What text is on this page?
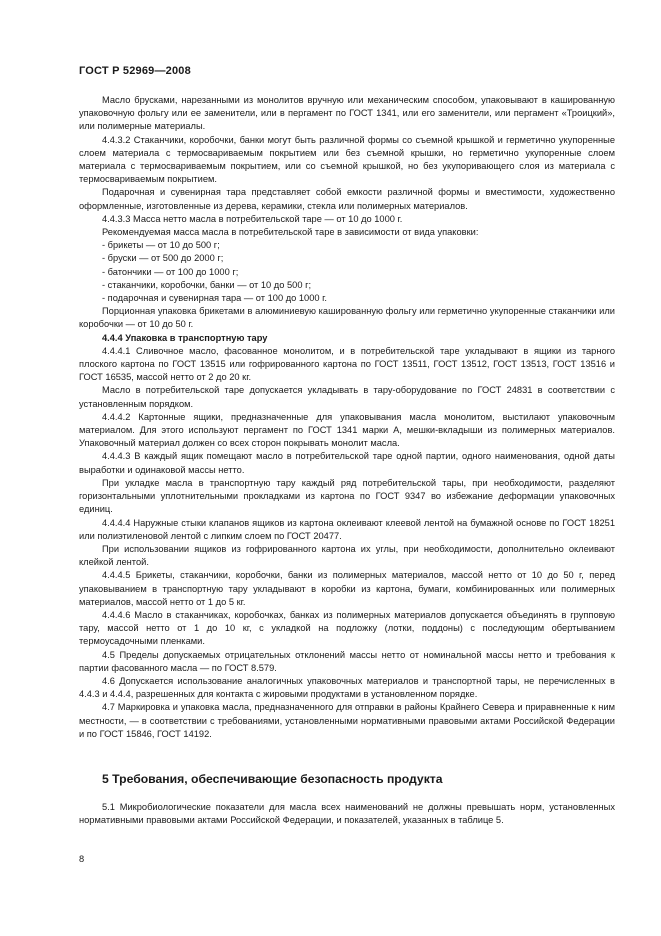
ГОСТ Р 52969—2008

Масло брусками, нарезанными из монолитов вручную или механическим способом, упаковывают в кашированную упаковочную фольгу или ее заменители, или в пергамент по ГОСТ 1341, или его заменители, или пергамент «Троицкий», или полимерные материалы.

4.4.3.2 Стаканчики, коробочки, банки могут быть различной формы со съемной крышкой и герметично укупоренные слоем материала с термосвариваемым покрытием или без съемной крышки, но герметично укупоренные слоем материала с термосвариваемым покрытием, или со съемной крышкой, но без укупоривающего слоя из материала с термосвариваемым покрытием.

Подарочная и сувенирная тара представляет собой емкости различной формы и вместимости, художественно оформленные, изготовленные из дерева, керамики, стекла или полимерных материалов.

4.4.3.3 Масса нетто масла в потребительской таре — от 10 до 1000 г.

Рекомендуемая масса масла в потребительской таре в зависимости от вида упаковки:

- брикеты — от 10 до 500 г;

- бруски — от 500 до 2000 г;

- батончики — от 100 до 1000 г;

- стаканчики, коробочки, банки — от 10 до 500 г;

- подарочная и сувенирная тара — от 100 до 1000 г.

Порционная упаковка брикетами в алюминиевую кашированную фольгу или герметично укупоренные стаканчики или коробочки — от 10 до 50 г.

4.4.4 Упаковка в транспортную тару

4.4.4.1 Сливочное масло, фасованное монолитом, и в потребительской таре укладывают в ящики из тарного плоского картона по ГОСТ 13515 или гофрированного картона по ГОСТ 13511, ГОСТ 13512, ГОСТ 13513, ГОСТ 13516 и ГОСТ 16535, массой нетто от 2 до 20 кг.

Масло в потребительской таре допускается укладывать в тару-оборудование по ГОСТ 24831 в соответствии с установленным порядком.

4.4.4.2 Картонные ящики, предназначенные для упаковывания масла монолитом, выстилают упаковочным материалом. Для этого используют пергамент по ГОСТ 1341 марки А, мешки-вкладыши из полимерных материалов. Упаковочный материал должен со всех сторон покрывать монолит масла.

4.4.4.3 В каждый ящик помещают масло в потребительской таре одной партии, одного наименования, одной даты выработки и одинаковой массы нетто.

При укладке масла в транспортную тару каждый ряд потребительской тары, при необходимости, разделяют горизонтальными уплотнительными прокладками из картона по ГОСТ 9347 во избежание деформации упаковочных единиц.

4.4.4.4 Наружные стыки клапанов ящиков из картона оклеивают клеевой лентой на бумажной основе по ГОСТ 18251 или полиэтиленовой лентой с липким слоем по ГОСТ 20477.

При использовании ящиков из гофрированного картона их углы, при необходимости, дополнительно оклеивают клейкой лентой.

4.4.4.5 Брикеты, стаканчики, коробочки, банки из полимерных материалов, массой нетто от 10 до 50 г, перед упаковыванием в транспортную тару укладывают в коробки из картона, бумаги, комбинированных или полимерных материалов, массой нетто от 1 до 5 кг.

4.4.4.6 Масло в стаканчиках, коробочках, банках из полимерных материалов допускается объединять в групповую тару, массой нетто от 1 до 10 кг, с укладкой на подложку (лотки, поддоны) с последующим обертыванием термоусадочными пленками.

4.5 Пределы допускаемых отрицательных отклонений массы нетто от номинальной массы нетто и требования к партии фасованного масла — по ГОСТ 8.579.

4.6 Допускается использование аналогичных упаковочных материалов и транспортной тары, не перечисленных в 4.4.3 и 4.4.4, разрешенных для контакта с жировыми продуктами в установленном порядке.

4.7 Маркировка и упаковка масла, предназначенного для отправки в районы Крайнего Севера и приравненные к ним местности, — в соответствии с требованиями, установленными нормативными правовыми актами Российской Федерации и по ГОСТ 15846, ГОСТ 14192.

5 Требования, обеспечивающие безопасность продукта

5.1 Микробиологические показатели для масла всех наименований не должны превышать норм, установленных нормативными правовыми актами Российской Федерации, и показателей, указанных в таблице 5.

8
